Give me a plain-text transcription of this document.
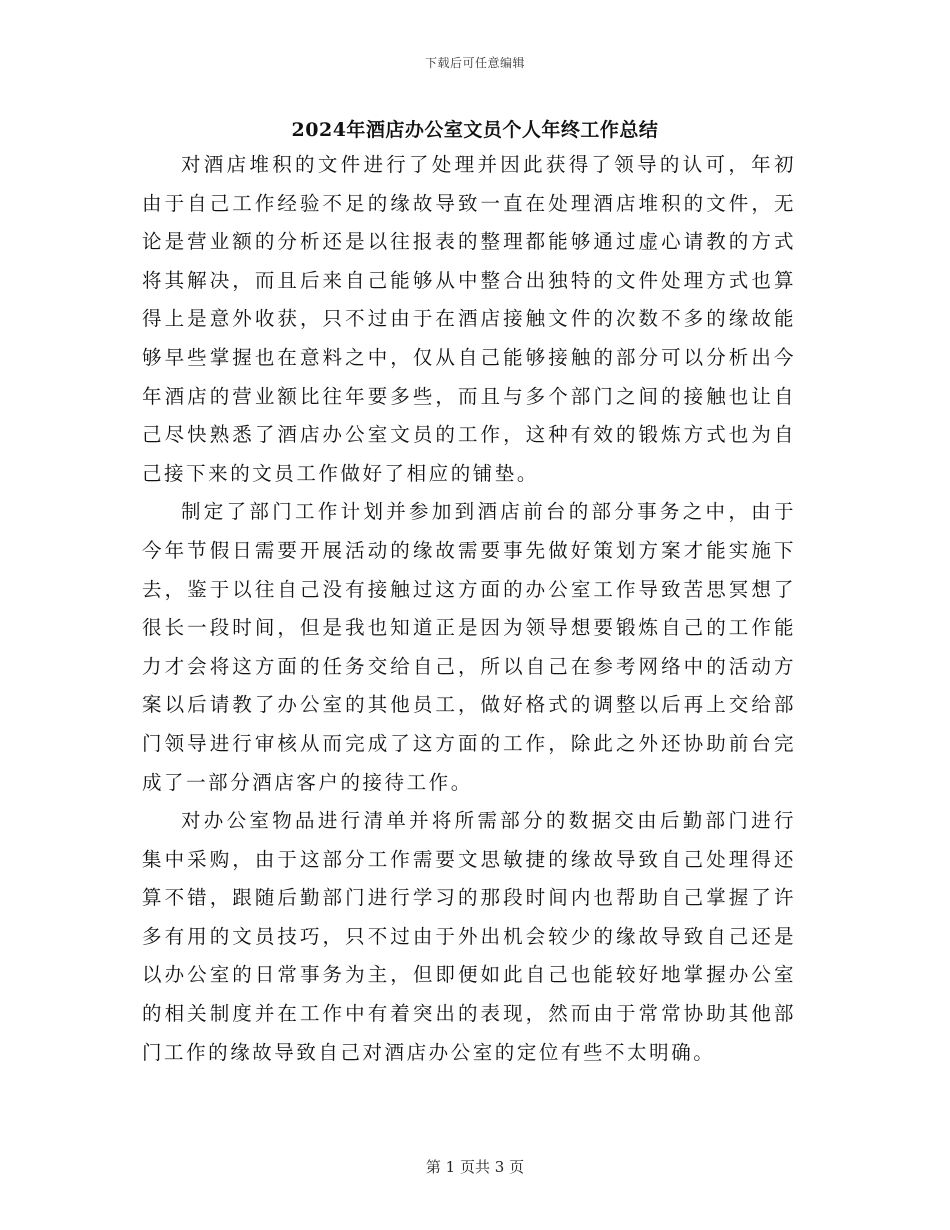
下载后可任意编辑
2024年酒店办公室文员个人年终工作总结

对酒店堆积的文件进行了处理并因此获得了领导的认可，年初由于自己工作经验不足的缘故导致一直在处理酒店堆积的文件，无论是营业额的分析还是以往报表的整理都能够通过虚心请教的方式将其解决，而且后来自己能够从中整合出独特的文件处理方式也算得上是意外收获，只不过由于在酒店接触文件的次数不多的缘故能够早些掌握也在意料之中，仅从自己能够接触的部分可以分析出今年酒店的营业额比往年要多些，而且与多个部门之间的接触也让自己尽快熟悉了酒店办公室文员的工作，这种有效的锻炼方式也为自己接下来的文员工作做好了相应的铺垫。

制定了部门工作计划并参加到酒店前台的部分事务之中，由于今年节假日需要开展活动的缘故需要事先做好策划方案才能实施下去，鉴于以往自己没有接触过这方面的办公室工作导致苦思冥想了很长一段时间，但是我也知道正是因为领导想要锻炼自己的工作能力才会将这方面的任务交给自己，所以自己在参考网络中的活动方案以后请教了办公室的其他员工，做好格式的调整以后再上交给部门领导进行审核从而完成了这方面的工作，除此之外还协助前台完成了一部分酒店客户的接待工作。

对办公室物品进行清单并将所需部分的数据交由后勤部门进行集中采购，由于这部分工作需要文思敏捷的缘故导致自己处理得还算不错，跟随后勤部门进行学习的那段时间内也帮助自己掌握了许多有用的文员技巧，只不过由于外出机会较少的缘故导致自己还是以办公室的日常事务为主，但即便如此自己也能较好地掌握办公室的相关制度并在工作中有着突出的表现，然而由于常常协助其他部门工作的缘故导致自己对酒店办公室的定位有些不太明确。

第 1 页共 3 页
